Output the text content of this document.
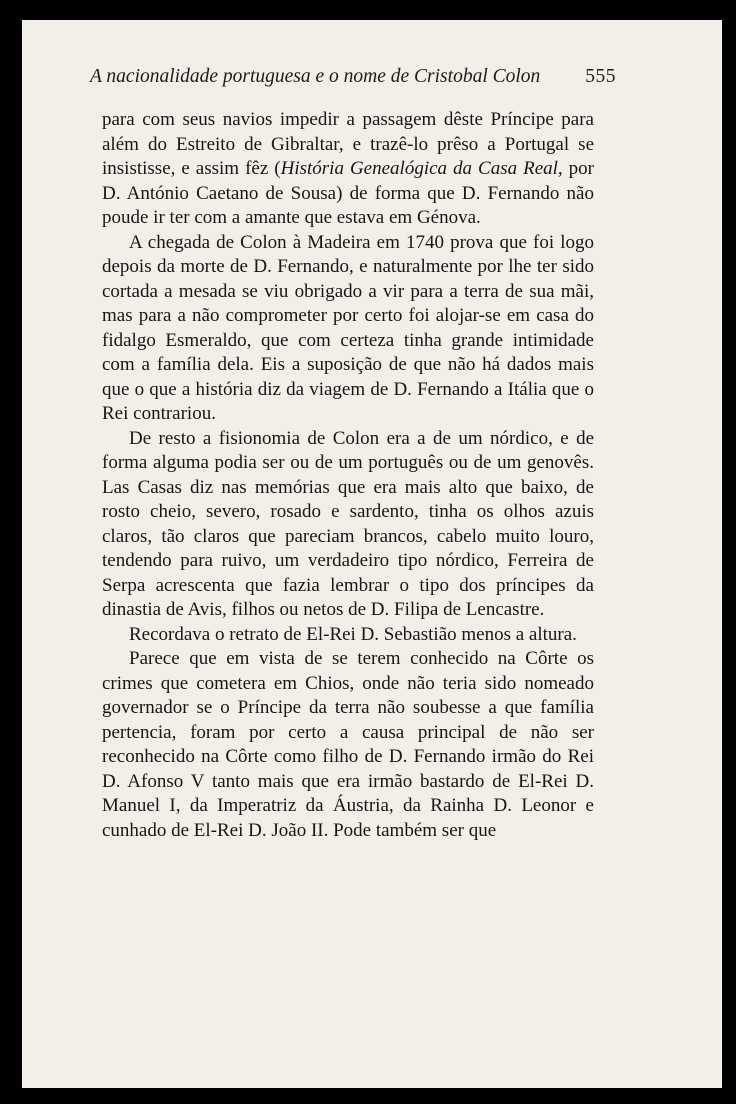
A nacionalidade portuguesa e o nome de Cristobal Colon 555

para com seus navios impedir a passagem dêste Príncipe para além do Estreito de Gibraltar, e trazê-lo prêso a Portugal se insistisse, e assim fêz (História Genealógica da Casa Real, por D. António Caetano de Sousa) de forma que D. Fernando não poude ir ter com a amante que estava em Génova.

A chegada de Colon à Madeira em 1740 prova que foi logo depois da morte de D. Fernando, e naturalmente por lhe ter sido cortada a mesada se viu obrigado a vir para a terra de sua mãi, mas para a não comprometer por certo foi alojar-se em casa do fidalgo Esmeraldo, que com certeza tinha grande intimidade com a família dela. Eis a suposição de que não há dados mais que o que a história diz da viagem de D. Fernando a Itália que o Rei contrariou.

De resto a fisionomia de Colon era a de um nórdico, e de forma alguma podia ser ou de um português ou de um genovês. Las Casas diz nas memórias que era mais alto que baixo, de rosto cheio, severo, rosado e sardento, tinha os olhos azuis claros, tão claros que pareciam brancos, cabelo muito louro, tendendo para ruivo, um verdadeiro tipo nórdico, Ferreira de Serpa acrescenta que fazia lembrar o tipo dos príncipes da dinastia de Avis, filhos ou netos de D. Filipa de Lencastre.

Recordava o retrato de El-Rei D. Sebastião menos a altura.

Parece que em vista de se terem conhecido na Côrte os crimes que cometera em Chios, onde não teria sido nomeado governador se o Príncipe da terra não soubesse a que família pertencia, foram por certo a causa principal de não ser reconhecido na Côrte como filho de D. Fernando irmão do Rei D. Afonso V tanto mais que era irmão bastardo de El-Rei D. Manuel I, da Imperatriz da Áustria, da Rainha D. Leonor e cunhado de El-Rei D. João II. Pode também ser que
